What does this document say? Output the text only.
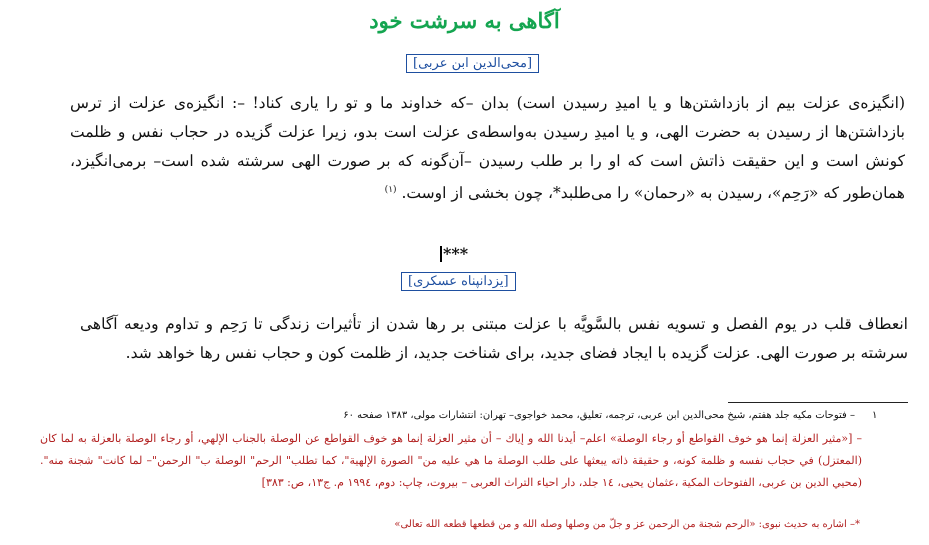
آگاهی به سرشت خود
[محی‌الدین ابن عربی]
(انگیزه‌ی عزلت بیم از بازداشتن‌ها و یا امیدِ رسیدن است) بدان –که خداوند ما و تو را یاری کناد! –: انگیزه‌ی عزلت از ترس بازداشتن‌ها از رسیدن به حضرت الهی، و یا امیدِ رسیدن به‌واسطه‌ی عزلت است بدو، زیرا عزلت گزیده در حجاب نفس و ظلمت کونش است و این حقیقت ذاتش است که او را بر طلب رسیدن –آن‌گونه که بر صورت الهی سرشته شده است– برمی‌انگیزد، همان‌طور که «رَحِم»، رسیدن به «رحمان» را می‌طلبد*، چون بخشی از اوست. $^{(۱)}$
***
[یزدانپناه عسکری]
انعطاف قلب در یوم الفصل و تسویه نفس بالسَّویَّه با عزلت مبتنی بر رها شدن از تأثیرات زندگی تا رَحِم و تداوم ودیعه آگاهی سرشته بر صورت الهی. عزلت گزیده با ایجاد فضای جدید، برای شناخت جدید، از ظلمت کون و حجاب نفس رها خواهد شد.
۱
– فتوحات مکیه جلد هفتم، شیخ محی‌الدین ابن عربی، ترجمه، تعلیق، محمد خواجوی– تهران: انتشارات مولی، ۱۳۸۳ صفحه ۶۰
– [«مثیر العزلة إنما هو خوف القواطع أو رجاء الوصلة» اعلم– أیدنا الله و إیاك – أن مثیر العزلة إنما هو خوف القواطع عن الوصلة بالجناب الإلهي، أو رجاء الوصلة بالعزلة به لما كان (المعتزل) في حجاب نفسه و ظلمة كونه، و حقيقة ذاته يبعثها على طلب الوصلة ما هي عليه من" الصورة الإلهية"، كما تطلب" الرحم" الوصلة ب" الرحمن"– لما كانت" شجنة منه". (محيي الدين بن عربى، الفتوحات المكية ،عثمان يحيى، ١٤ جلد، دار احياء التراث العربى – بيروت، چاپ: دوم، ١٩٩٤ م. ج١٣، ص: ٣٨٣]
*– اشاره به حدیث نبوی: «الرحم شجنة من الرحمن عز و جلّ من وصلها وصله الله و من قطعها قطعه الله تعالی»
